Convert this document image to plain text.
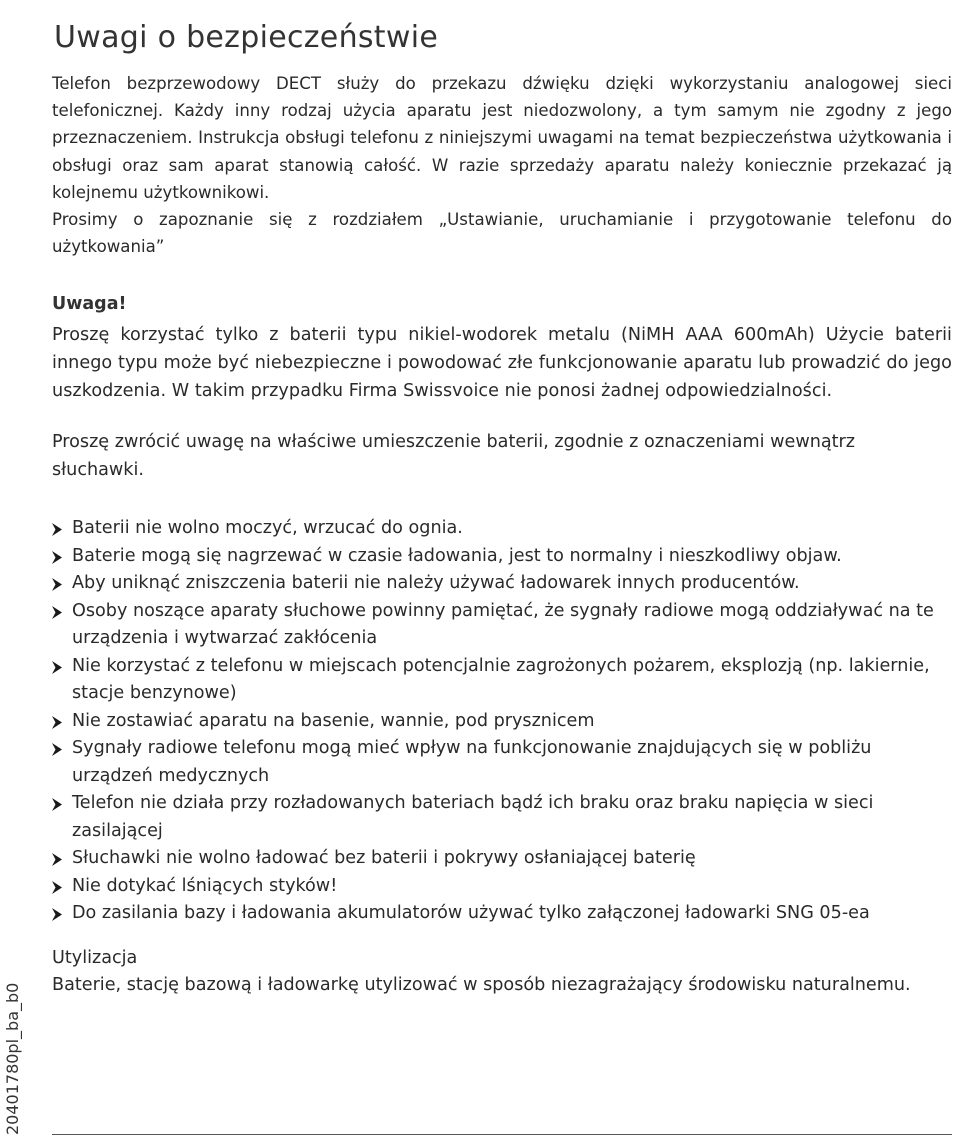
Uwagi o bezpieczeństwie
20401780pl_ba_b0

Telefon bezprzewodowy DECT służy do przekazu dźwięku dzięki wykorzystaniu analogowej sieci telefonicznej. Każdy inny rodzaj użycia aparatu jest niedozwolony, a tym samym nie zgodny z jego przeznaczeniem. Instrukcja obsługi telefonu z niniejszymi uwagami na temat bezpieczeństwa użytkowania i obsługi oraz sam aparat stanowią całość. W razie sprzedaży aparatu należy koniecznie przekazać ją kolejnemu użytkownikowi.

Prosimy o zapoznanie się z rozdziałem „Ustawianie, uruchamianie i przygotowanie telefonu do użytkowania”

Uwaga!

Proszę korzystać tylko z baterii typu nikiel-wodorek metalu (NiMH AAA 600mAh) Użycie baterii innego typu może być niebezpieczne i powodować złe funkcjonowanie aparatu lub prowadzić do jego uszkodzenia. W takim przypadku Firma Swissvoice nie ponosi żadnej odpowiedzialności.

Proszę zwrócić uwagę na właściwe umieszczenie baterii, zgodnie z oznaczeniami wewnątrz słuchawki.

Baterii nie wolno moczyć, wrzucać do ognia.
Baterie mogą się nagrzewać w czasie ładowania, jest to normalny i nieszkodliwy objaw.
Aby uniknąć zniszczenia baterii nie należy używać ładowarek innych producentów.
Osoby noszące aparaty słuchowe powinny pamiętać, że sygnały radiowe mogą oddziaływać na te urządzenia i wytwarzać zakłócenia
Nie korzystać z telefonu w miejscach potencjalnie zagrożonych pożarem, eksplozją (np. lakiernie, stacje benzynowe)
Nie zostawiać aparatu na basenie, wannie, pod prysznicem
Sygnały radiowe telefonu mogą mieć wpływ na funkcjonowanie znajdujących się w pobliżu urządzeń medycznych
Telefon nie działa przy rozładowanych bateriach bądź ich braku oraz braku napięcia w sieci zasilającej
Słuchawki nie wolno ładować bez baterii i pokrywy osłaniającej baterię
Nie dotykać lśniących styków!
Do zasilania bazy i ładowania akumulatorów używać tylko załączonej ładowarki SNG 05-ea
Utylizacja

Baterie, stację bazową i ładowarkę utylizować w sposób niezagrażający środowisku naturalnemu.
